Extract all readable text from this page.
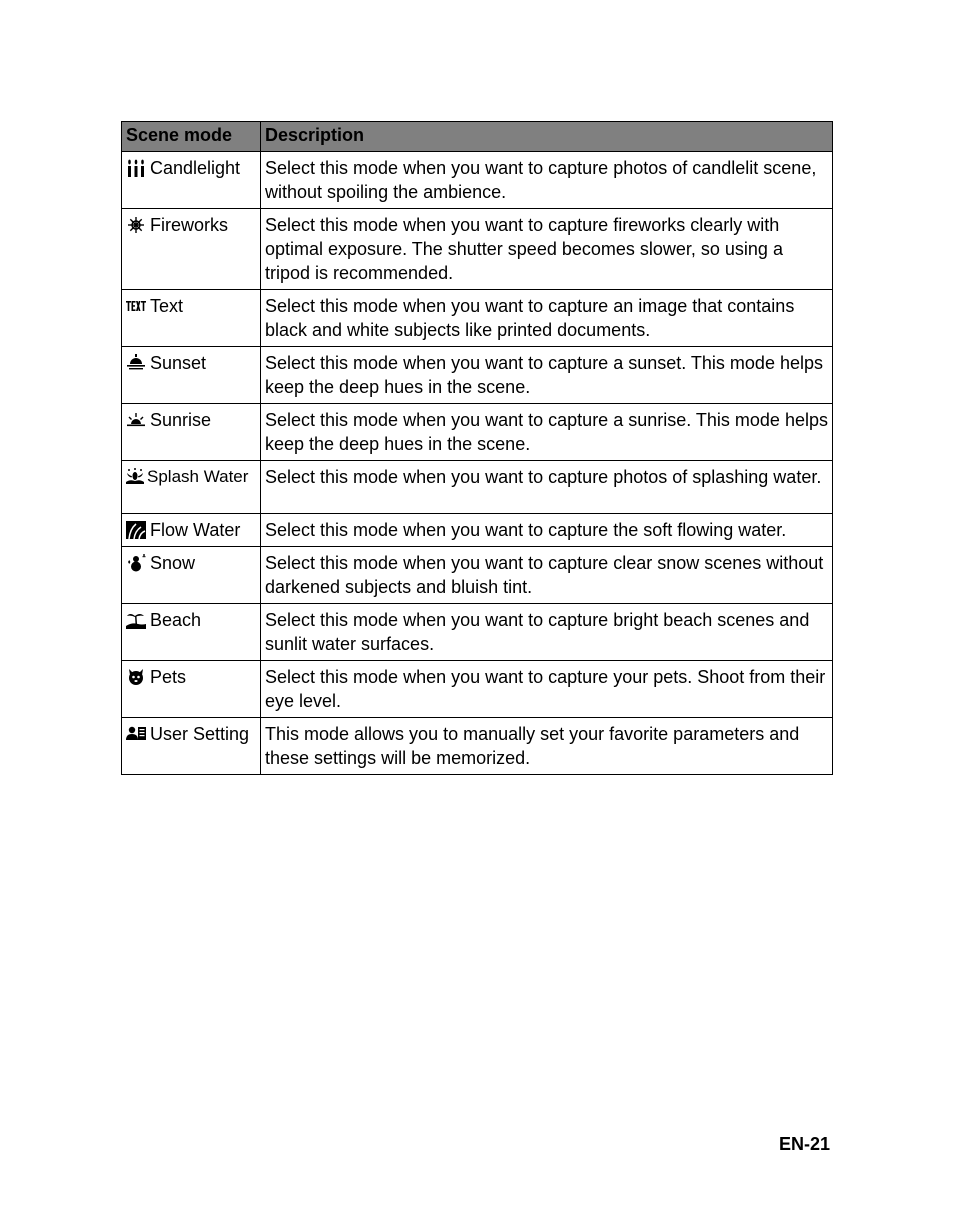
Scene mode	Description

Candlelight	Select this mode when you want to capture photos of candlelit scene, without spoiling the ambience.

Fireworks	Select this mode when you want to capture fireworks clearly with optimal exposure. The shutter speed becomes slower, so using a tripod is recommended.

Text	Select this mode when you want to capture an image that contains black and white subjects like printed documents.

Sunset	Select this mode when you want to capture a sunset. This mode helps keep the deep hues in the scene.

Sunrise	Select this mode when you want to capture a sunrise. This mode helps keep the deep hues in the scene.

Splash Water	Select this mode when you want to capture photos of splashing water.

Flow Water	Select this mode when you want to capture the soft flowing water.

Snow	Select this mode when you want to capture clear snow scenes without darkened subjects and bluish tint.

Beach	Select this mode when you want to capture bright beach scenes and sunlit water surfaces.

Pets	Select this mode when you want to capture your pets. Shoot from their eye level.

User Setting	This mode allows you to manually set your favorite parameters and these settings will be memorized.
EN-21
